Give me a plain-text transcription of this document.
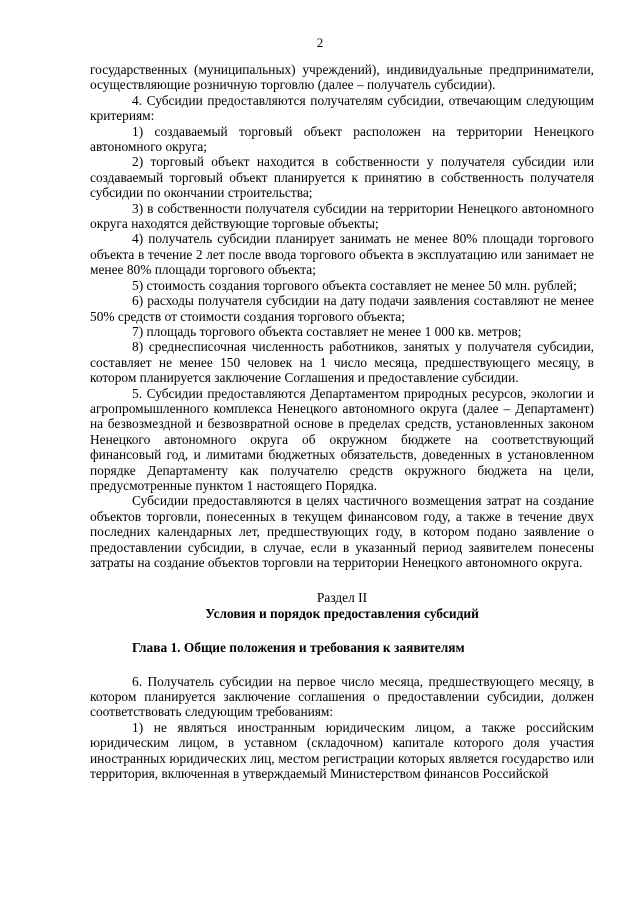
2

государственных (муниципальных) учреждений), индивидуальные предприниматели, осуществляющие розничную торговлю (далее – получатель субсидии).

4. Субсидии предоставляются получателям субсидии, отвечающим следующим критериям:

1) создаваемый торговый объект расположен на территории Ненецкого автономного округа;

2) торговый объект находится в собственности у получателя субсидии или создаваемый торговый объект планируется к принятию в собственность получателя субсидии по окончании строительства;

3) в собственности получателя субсидии на территории Ненецкого автономного округа находятся действующие торговые объекты;

4) получатель субсидии планирует занимать не менее 80% площади торгового объекта в течение 2 лет после ввода торгового объекта в эксплуатацию или занимает не менее 80% площади торгового объекта;

5) стоимость создания торгового объекта составляет не менее 50 млн. рублей;

6) расходы получателя субсидии на дату подачи заявления составляют не менее 50% средств от стоимости создания торгового объекта;

7) площадь торгового объекта составляет не менее 1 000 кв. метров;

8) среднесписочная численность работников, занятых у получателя субсидии, составляет не менее 150 человек на 1 число месяца, предшествующего месяцу, в котором планируется заключение Соглашения и предоставление субсидии.

5. Субсидии предоставляются Департаментом природных ресурсов, экологии и агропромышленного комплекса Ненецкого автономного округа (далее – Департамент) на безвозмездной и безвозвратной основе в пределах средств, установленных законом Ненецкого автономного округа об окружном бюджете на соответствующий финансовый год, и лимитами бюджетных обязательств, доведенных в установленном порядке Департаменту как получателю средств окружного бюджета на цели, предусмотренные пунктом 1 настоящего Порядка.

Субсидии предоставляются в целях частичного возмещения затрат на создание объектов торговли, понесенных в текущем финансовом году, а также в течение двух последних календарных лет, предшествующих году, в котором подано заявление о предоставлении субсидии, в случае, если в указанный период заявителем понесены затраты на создание объектов торговли на территории Ненецкого автономного округа.

Раздел II

Условия и порядок предоставления субсидий

Глава 1. Общие положения и требования к заявителям

6. Получатель субсидии на первое число месяца, предшествующего месяцу, в котором планируется заключение соглашения о предоставлении субсидии, должен соответствовать следующим требованиям:

1) не являться иностранным юридическим лицом, а также российским юридическим лицом, в уставном (складочном) капитале которого доля участия иностранных юридических лиц, местом регистрации которых является государство или территория, включенная в утверждаемый Министерством финансов Российской
